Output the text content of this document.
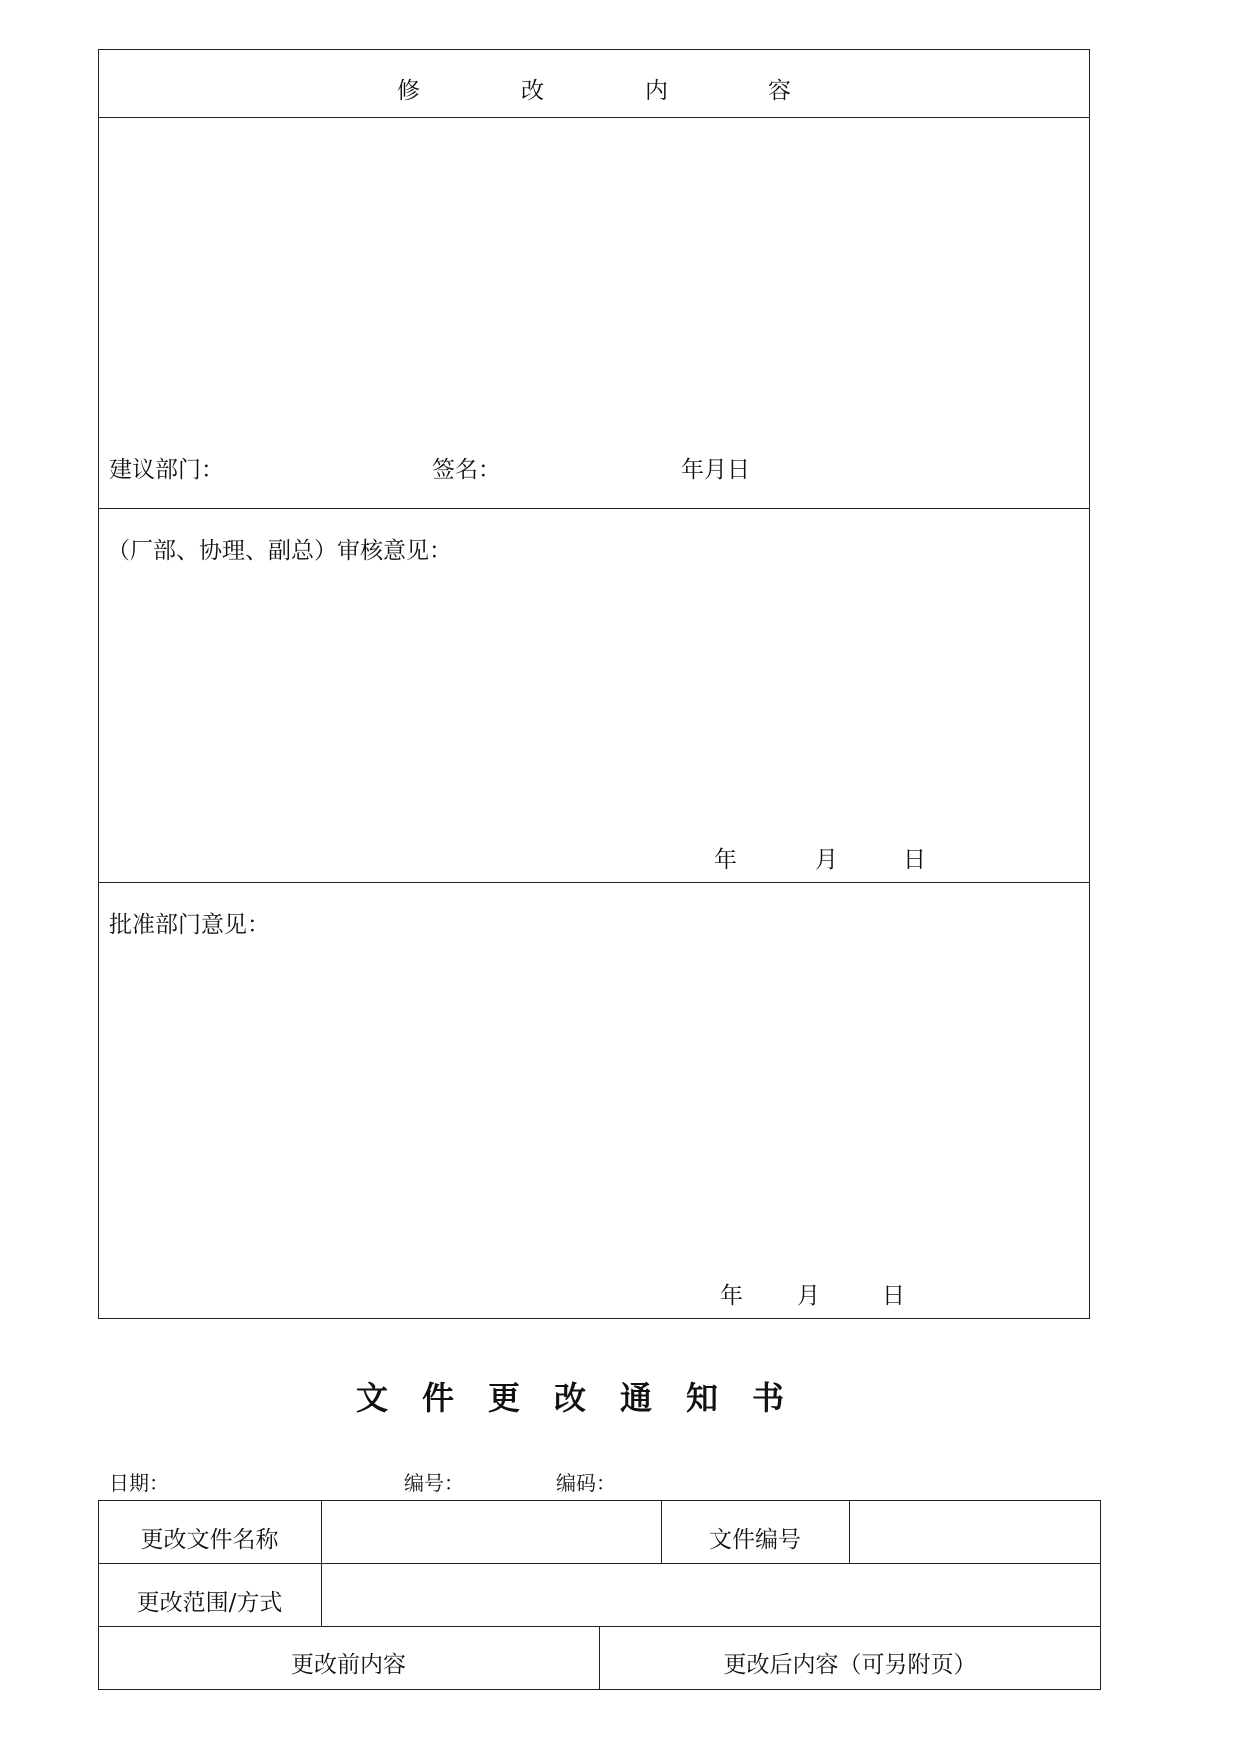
修	改	内	容
建议部门：	签名：	年月日
（厂部、协理、副总）审核意见：
年	月	日
批准部门意见：
年 月	日
文 件 更 改 通 知 书
日期：	编号：	编码：
更改文件名称	文件编号
更改范围/方式
更改前内容	更改后内容（可另附页）
